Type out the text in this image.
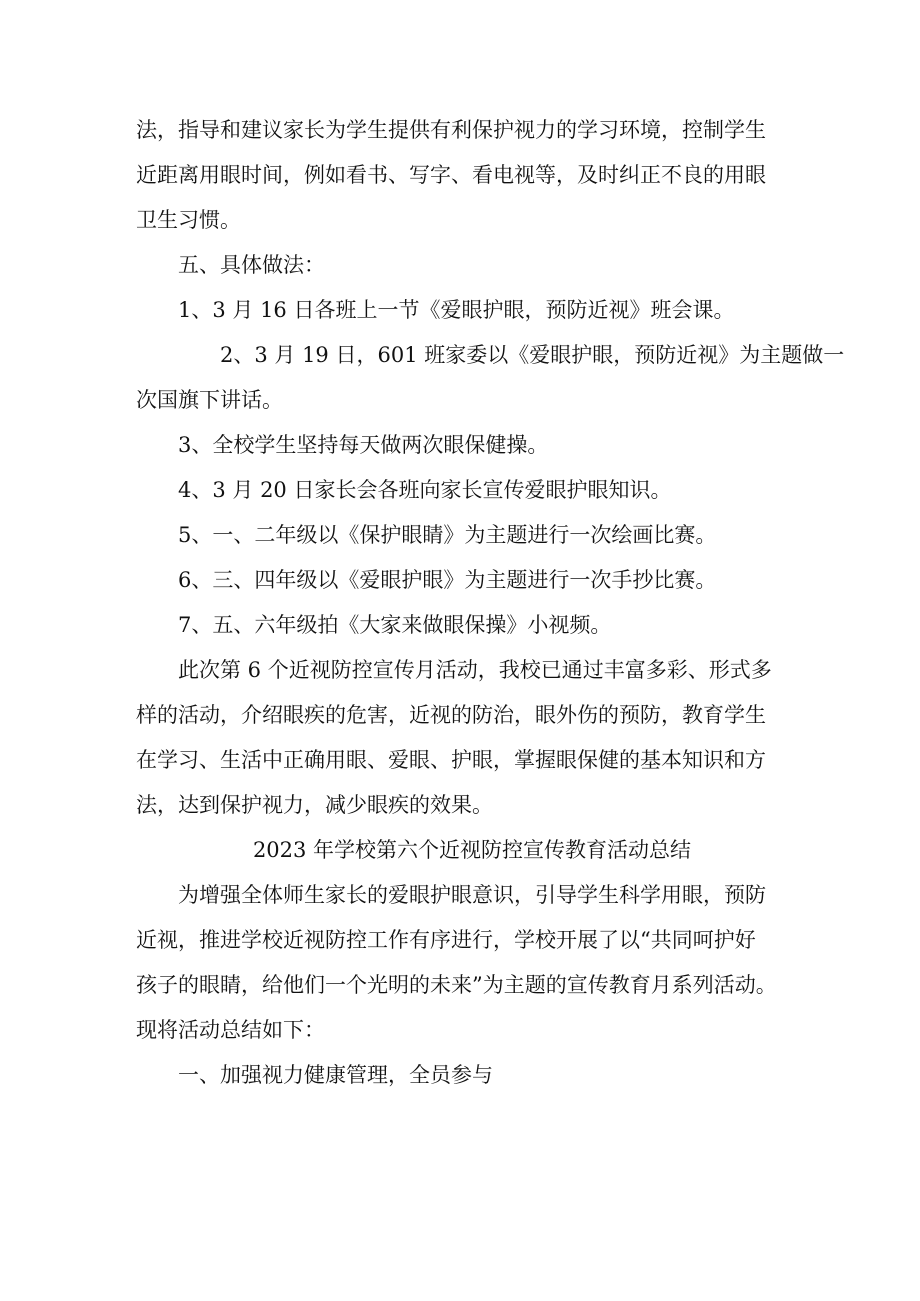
法，指导和建议家长为学生提供有利保护视力的学习环境，控制学生
近距离用眼时间，例如看书、写字、看电视等，及时纠正不良的用眼
卫生习惯。

五、具体做法：

1、3 月 16 日各班上一节《爱眼护眼，预防近视》班会课。

2、3 月 19 日，601 班家委以《爱眼护眼，预防近视》为主题做一
次国旗下讲话。

3、全校学生坚持每天做两次眼保健操。

4、3 月 20 日家长会各班向家长宣传爱眼护眼知识。

5、一、二年级以《保护眼睛》为主题进行一次绘画比赛。

6、三、四年级以《爱眼护眼》为主题进行一次手抄比赛。

7、五、六年级拍《大家来做眼保操》小视频。

此次第 6 个近视防控宣传月活动，我校已通过丰富多彩、形式多
样的活动，介绍眼疾的危害，近视的防治，眼外伤的预防，教育学生
在学习、生活中正确用眼、爱眼、护眼，掌握眼保健的基本知识和方
法，达到保护视力，减少眼疾的效果。

2023 年学校第六个近视防控宣传教育活动总结

为增强全体师生家长的爱眼护眼意识，引导学生科学用眼，预防
近视，推进学校近视防控工作有序进行，学校开展了以“共同呵护好
孩子的眼睛，给他们一个光明的未来”为主题的宣传教育月系列活动。
现将活动总结如下：

一、加强视力健康管理，全员参与
